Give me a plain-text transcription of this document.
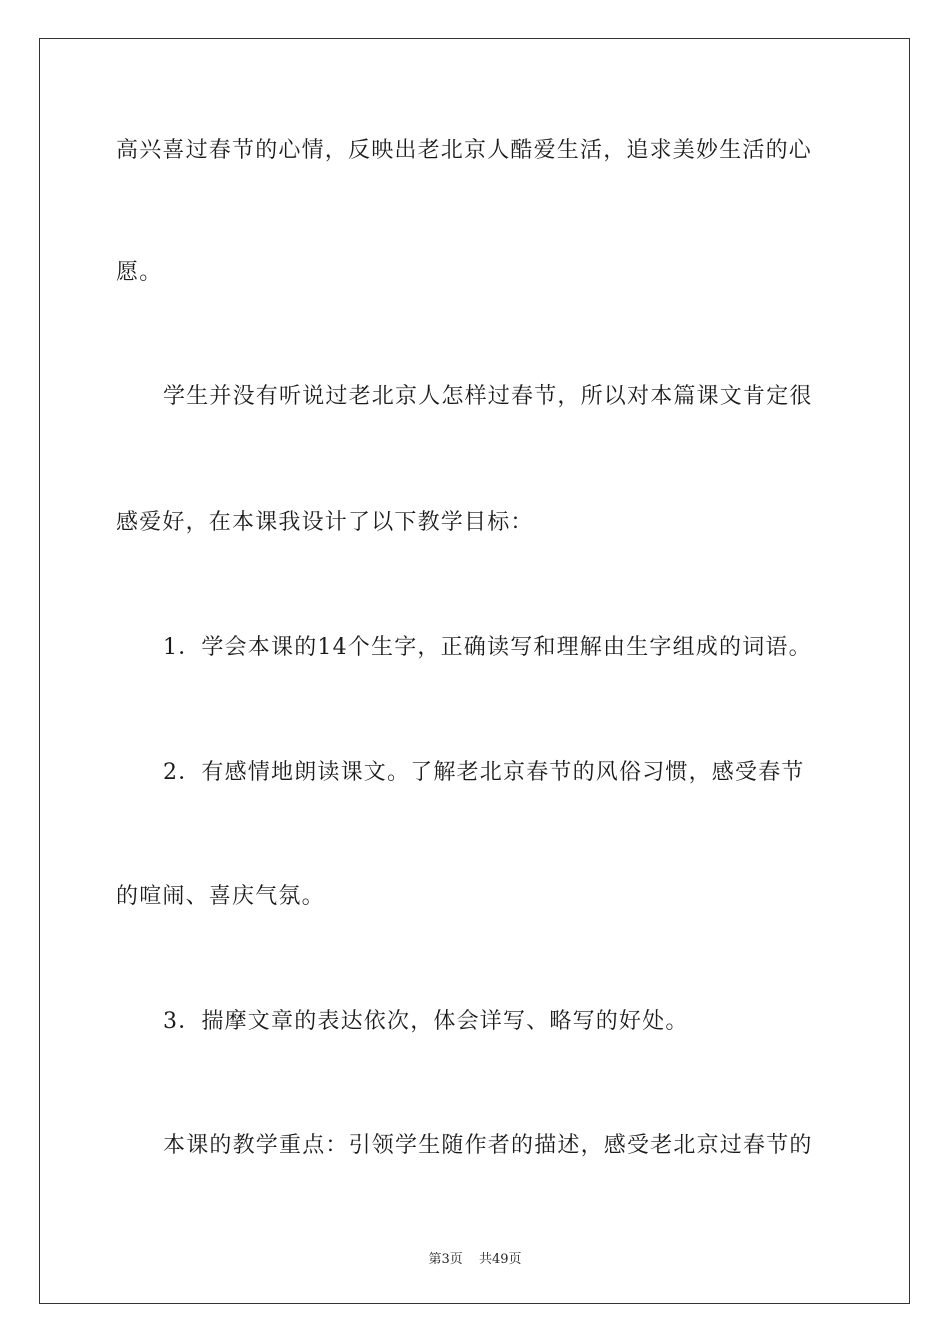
高兴喜过春节的心情，反映出老北京人酷爱生活，追求美妙生活的心
愿。
学生并没有听说过老北京人怎样过春节，所以对本篇课文肯定很
感爱好，在本课我设计了以下教学目标：
1．学会本课的14个生字，正确读写和理解由生字组成的词语。
2．有感情地朗读课文。了解老北京春节的风俗习惯，感受春节
的喧闹、喜庆气氛。
3．揣摩文章的表达依次，体会详写、略写的好处。
本课的教学重点：引领学生随作者的描述，感受老北京过春节的
第3页 共49页
